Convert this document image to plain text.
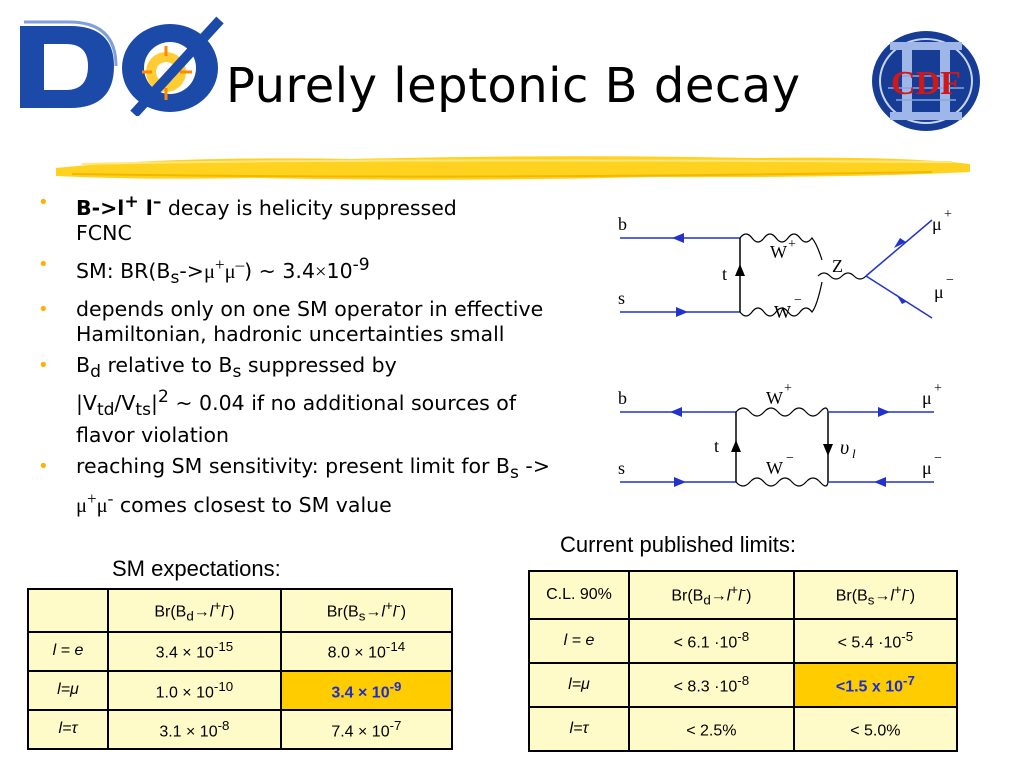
Purely leptonic B decay	CDF
• B->l+ l– decay is helicity suppressed
FCNC
• SM: $BR(B_s->\mu^+\mu^-)$ ~ $3.4\times 10^{-9}$
• depends only on one SM operator in effective Hamiltonian, hadronic uncertainties small
• $B_d$ relative to $B_s$ suppressed by
$|V_{td}/V_{ts}|^2$ ~ 0.04 if no additional sources of flavor violation
• reaching SM sensitivity: present limit for $B_s -> \mu^+\mu^-$ comes closest to SM value
b
s
t
W +
W
−
Z
μ +
μ
−
b
s
t
W +
W − υ l
μ +
μ −
SM expectations:
	$Br(B_d\to l^+l^-)$	$Br(B_s\to l^+l^-)$
l = e	$3.4 \times 10^{-15}$	$8.0 \times 10^{-14}$
l=μ	$1.0 \times 10^{-10}$	$3.4 \times 10^{-9}$
l=τ	$3.1 \times 10^{-8}$	$7.4 \times 10^{-7}$
Current published limits:
C.L. 90%	$Br(B_d\to l^+l^-)$	$Br(B_s\to l^+l^-)$
l = e	< $6.1 \cdot 10^{-8}$	< $5.4 \cdot 10^{-5}$
l=μ	< $8.3 \cdot 10^{-8}$	<1.5 x $10^{-7}$
l=τ	< 2.5%	< 5.0%
